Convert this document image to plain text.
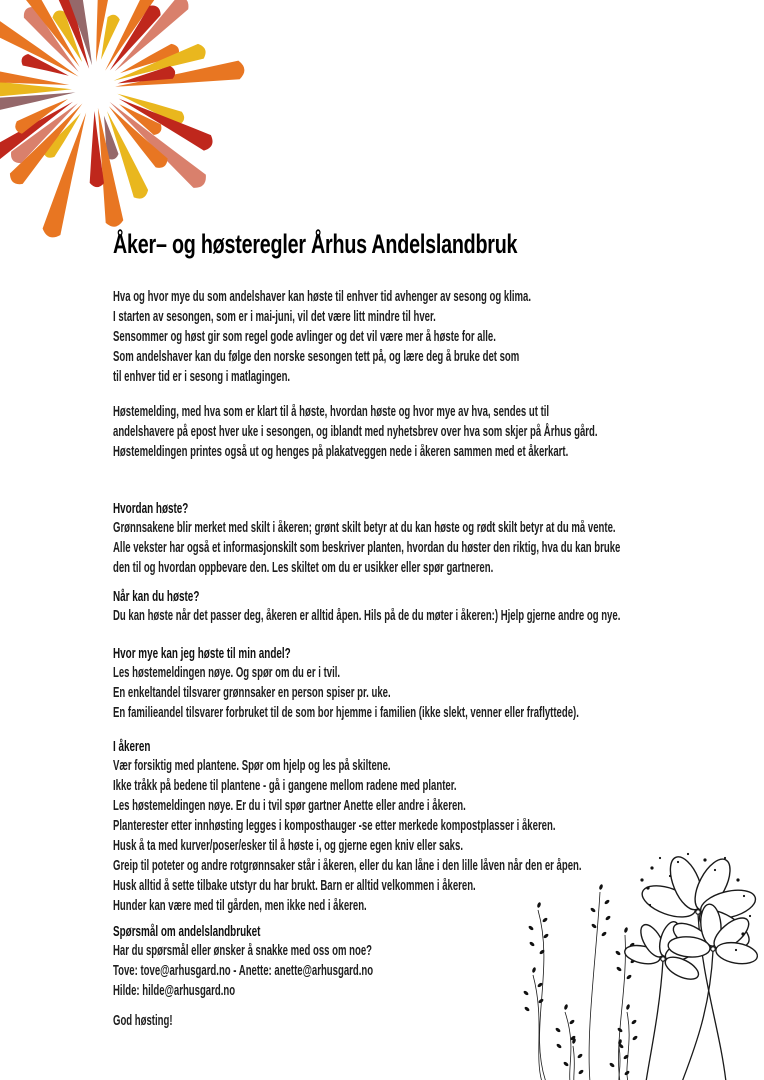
Åker– og høsteregler Århus Andelslandbruk
Hva og hvor mye du som andelshaver kan høste til enhver tid avhenger av sesong og klima.
I starten av sesongen, som er i mai-juni, vil det være litt mindre til hver.
Sensommer og høst gir som regel gode avlinger og det vil være mer å høste for alle.
Som andelshaver kan du følge den norske sesongen tett på, og lære deg å bruke det som
til enhver tid er i sesong i matlagingen.
Høstemelding, med hva som er klart til å høste, hvordan høste og hvor mye av hva, sendes ut til
andelshavere på epost hver uke i sesongen, og iblandt med nyhetsbrev over hva som skjer på Århus gård.
Høstemeldingen printes også ut og henges på plakatveggen nede i åkeren sammen med et åkerkart.
Hvordan høste?
Grønnsakene blir merket med skilt i åkeren; grønt skilt betyr at du kan høste og rødt skilt betyr at du må vente.
Alle vekster har også et informasjonskilt som beskriver planten, hvordan du høster den riktig, hva du kan bruke
den til og hvordan oppbevare den. Les skiltet om du er usikker eller spør gartneren.
Når kan du høste?
Du kan høste når det passer deg, åkeren er alltid åpen. Hils på de du møter i åkeren:) Hjelp gjerne andre og nye.
Hvor mye kan jeg høste til min andel?
Les høstemeldingen nøye. Og spør om du er i tvil.
En enkeltandel tilsvarer grønnsaker en person spiser pr. uke.
En familieandel tilsvarer forbruket til de som bor hjemme i familien (ikke slekt, venner eller fraflyttede).
I åkeren
Vær forsiktig med plantene. Spør om hjelp og les på skiltene.
Ikke tråkk på bedene til plantene - gå i gangene mellom radene med planter.
Les høstemeldingen nøye. Er du i tvil spør gartner Anette eller andre i åkeren.
Planterester etter innhøsting legges i komposthauger -se etter merkede kompostplasser i åkeren.
Husk å ta med kurver/poser/esker til å høste i, og gjerne egen kniv eller saks.
Greip til poteter og andre rotgrønnsaker står i åkeren, eller du kan låne i den lille låven når den er åpen.
Husk alltid å sette tilbake utstyr du har brukt. Barn er alltid velkommen i åkeren.
Hunder kan være med til gården, men ikke ned i åkeren.
Spørsmål om andelslandbruket
Har du spørsmål eller ønsker å snakke med oss om noe?
Tove: tove@arhusgard.no - Anette: anette@arhusgard.no
Hilde: hilde@arhusgard.no
God høsting!
